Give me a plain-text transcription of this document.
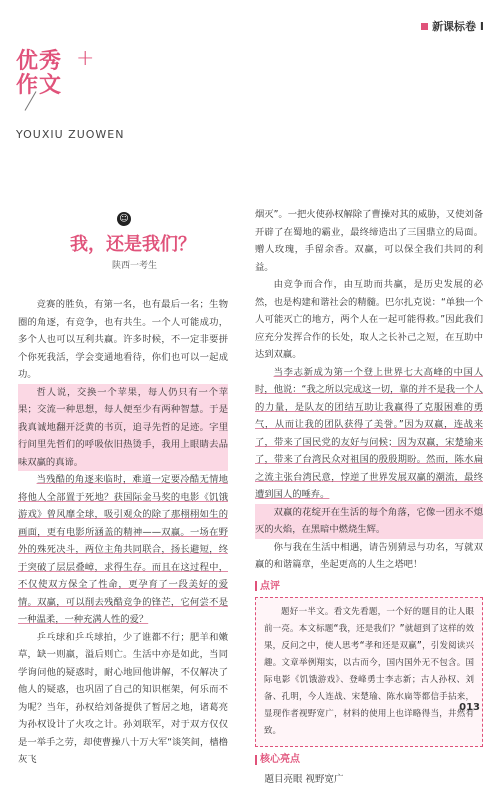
新课标卷 I
优秀
作文
+
YOUXIU ZUOWEN
☺
我，还是我们？
陕西一考生

竞赛的胜负，有第一名，也有最后一名；生物圈的角逐，有竞争，也有共生。一个人可能成功，多个人也可以互利共赢。许多时候，不一定非要拼个你死我活，学会变通地看待，你们也可以一起成功。

哲人说，交换一个苹果，每人仍只有一个苹果；交流一种思想，每人便至少有两种智慧。于是我真诚地翻开泛黄的书页，追寻先哲的足迹。字里行间里先哲们的呼吸依旧热烫手，我用上眼睛去品味双赢的真谛。

当残酷的角逐来临时，难道一定要冷酷无情地将他人全部置于死地？获国际金马奖的电影《饥饿游戏》曾风靡全球，吸引观众的除了那栩栩如生的画面，更有电影所涵盖的精神——双赢。一场在野外的殊死决斗，两位主角共同联合，扬长避短，终于突破了层层叠嶂，求得生存。而且在这过程中，不仅使双方保全了性命，更孕育了一段美好的爱情。双赢，可以削去残酷竞争的锋芒，它何尝不是一种温柔，一种充满人性的爱？

乒乓球和乒乓球拍，少了谁都不行；肥羊和嫩草，缺一则羸，溢后则亡。生活中亦是如此，当同学询问他的疑惑时，耐心地回他讲解，不仅解决了他人的疑惑，也巩固了自己的知识框架，何乐而不为呢？当年，孙权给刘备提供了暂居之地，诸葛亮为孙权设计了火攻之计。孙刘联军，对于双方仅仅是一举手之劳，却使曹操八十万大军“谈笑间，樯橹灰飞

烟灭”。一把火使孙权解除了曹操对其的威胁，又使刘备开辟了在蜀地的霸业，最终缔造出了三国鼎立的局面。赠人玫瑰，手留余香。双赢，可以保全我们共同的利益。

由竞争而合作，由互助而共赢，是历史发展的必然，也是构建和谐社会的精髓。巴尔扎克说：“单独一个人可能灭亡的地方，两个人在一起可能得救。”因此我们应充分发挥合作的长处，取人之长补己之短，在互助中达到双赢。

当李志新成为第一个登上世界七大高峰的中国人时，他说：“我之所以完成这一切，靠的并不是我一个人的力量，是队友的团结互助让我赢得了克服困难的勇气，从而让我的团队获得了美誉。”因为双赢，连战来了，带来了国民党的友好与问候；因为双赢，宋楚瑜来了，带来了台湾民众对祖国的殷殷期盼。然而，陈水扁之流主张台湾民意，悖逆了世界发展双赢的潮流，最终遭到国人的唾弃。

双赢的花绽开在生活的每个角落，它像一团永不熄灭的火焰，在黑暗中燃烧生辉。

你与我在生活中相遇，请告别猜忌与功名，写就双赢的和谐篇章，坐起更高的人生之塔吧！

点评
题好一半文。看文先看题，一个好的题目的让人眼前一亮。本文标题“我，还是我们？”就超到了这样的效果，反问之中，使人思考“孝和还是双赢”，引发阅读兴趣。文章举例翔实，以古而今，国内国外无不包含。国际电影《饥饿游戏》、登峰勇士李志新；古人孙权、刘备、孔明，今人连战、宋楚瑜、陈水扁等都信手拈来，显现作者视野宽广，材料的使用上也详略得当，井然有致。
核心亮点
题目亮眼 视野宽广
013
